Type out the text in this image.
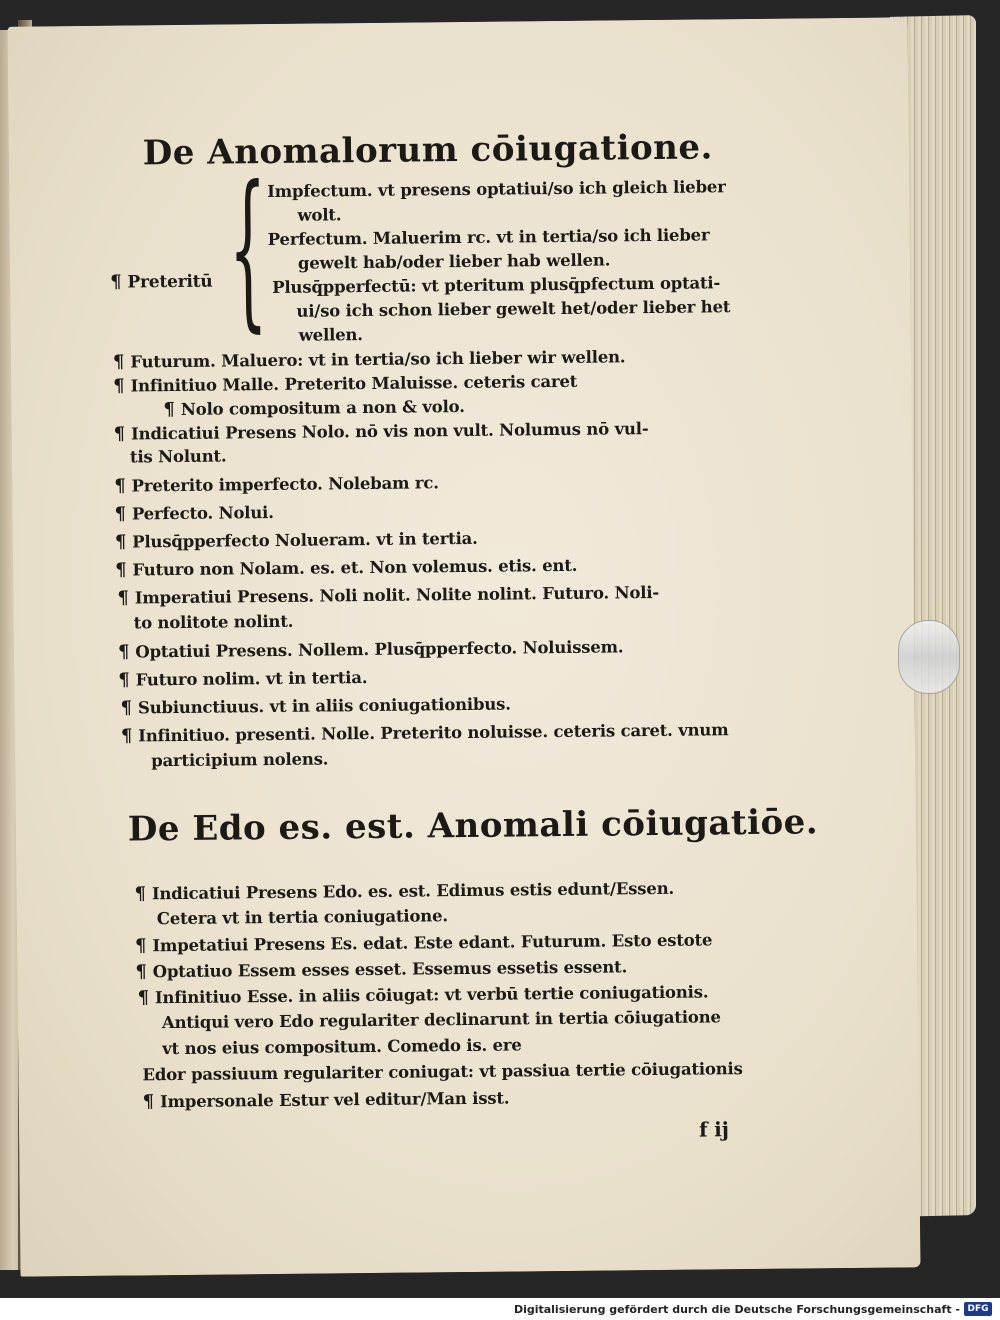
De Anomalorum cōiugatione.
¶ Preteritū { Impfectum. vt presens optatiui/so ich gleich lieber
wolt.
Perfectum. Maluerim rc. vt in tertia/so ich lieber
gewelt hab/oder lieber hab wellen.
Plusq̄pperfectū: vt pteritum plusq̄pfectum optati-
ui/so ich schon lieber gewelt het/oder lieber het
wellen.
¶ Futurum. Maluero: vt in tertia/so ich lieber wir wellen.
¶ Infinitiuo Malle. Preterito Maluisse. ceteris caret
¶ Nolo compositum a non & volo.
¶ Indicatiui Presens Nolo. nō vis non vult. Nolumus nō vul-
tis Nolunt.
¶ Preterito imperfecto. Nolebam rc.
¶ Perfecto. Nolui.
¶ Plusq̄pperfecto Nolueram. vt in tertia.
¶ Futuro non Nolam. es. et. Non volemus. etis. ent.
¶ Imperatiui Presens. Noli nolit. Nolite nolint. Futuro. Noli-
to nolitote nolint.
¶ Optatiui Presens. Nollem. Plusq̄pperfecto. Noluissem.
¶ Futuro nolim. vt in tertia.
¶ Subiunctiuus. vt in aliis coniugationibus.
¶ Infinitiuo. presenti. Nolle. Preterito noluisse. ceteris caret. vnum
participium nolens.
De Edo es. est. Anomali cōiugatiōe.
¶ Indicatiui Presens Edo. es. est. Edimus estis edunt/Essen.
Cetera vt in tertia coniugatione.
¶ Impetatiui Presens Es. edat. Este edant. Futurum. Esto estote
¶ Optatiuo Essem esses esset. Essemus essetis essent.
¶ Infinitiuo Esse. in aliis cōiugat: vt verbū tertie coniugationis.
Antiqui vero Edo regulariter declinarunt in tertia cōiugatione
vt nos eius compositum. Comedo is. ere
Edor passiuum regulariter coniugat: vt passiua tertie cōiugationis
¶ Impersonale Estur vel editur/Man isst.
f ij
Digitalisierung gefördert durch die Deutsche Forschungsgemeinschaft - DFG
